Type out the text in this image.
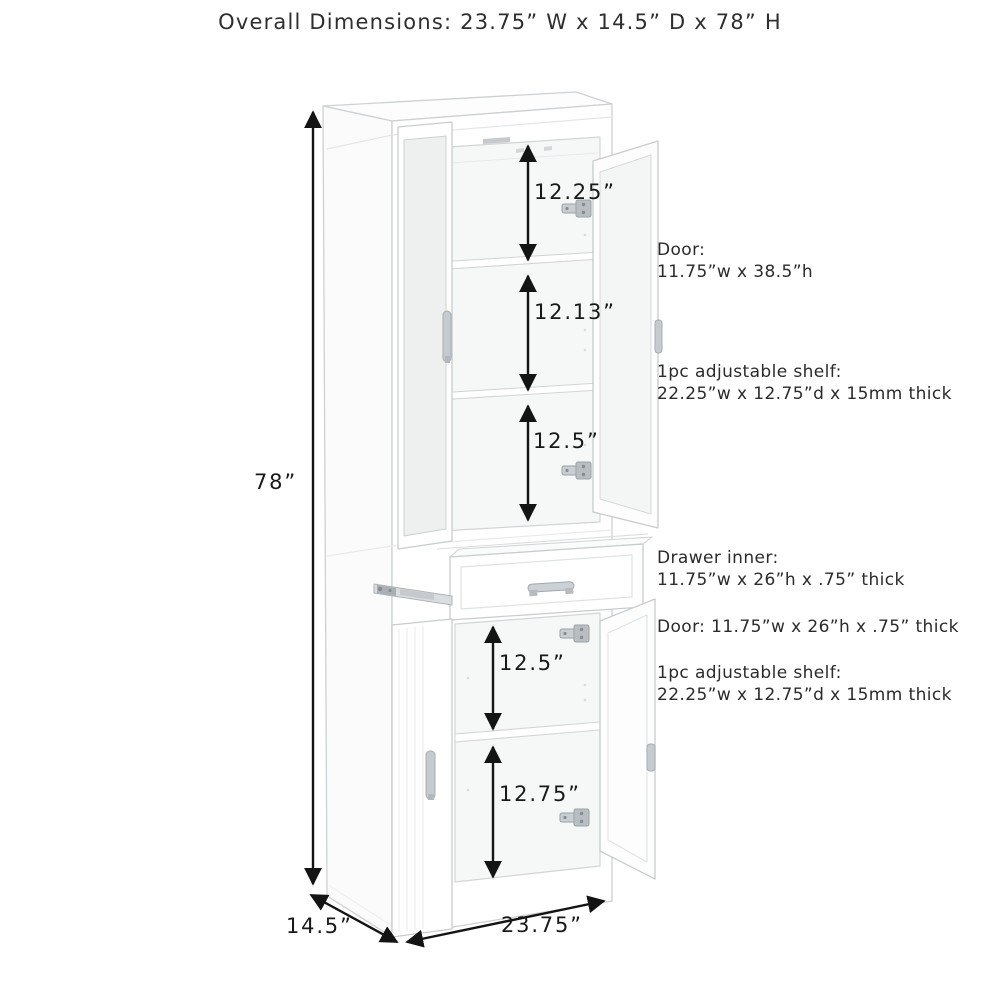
Overall Dimensions: 23.75” W x 14.5” D x 78” H
78”
12.25”
12.13”
12.5”
12.5”
12.75”
14.5”	23.75”
Door:
11.75”w x 38.5”h
1pc adjustable shelf:
22.25”w x 12.75”d x 15mm thick
Drawer inner:
11.75”w x 26”h x .75” thick
Door: 11.75”w x 26”h x .75” thick
1pc adjustable shelf:
22.25”w x 12.75”d x 15mm thick
